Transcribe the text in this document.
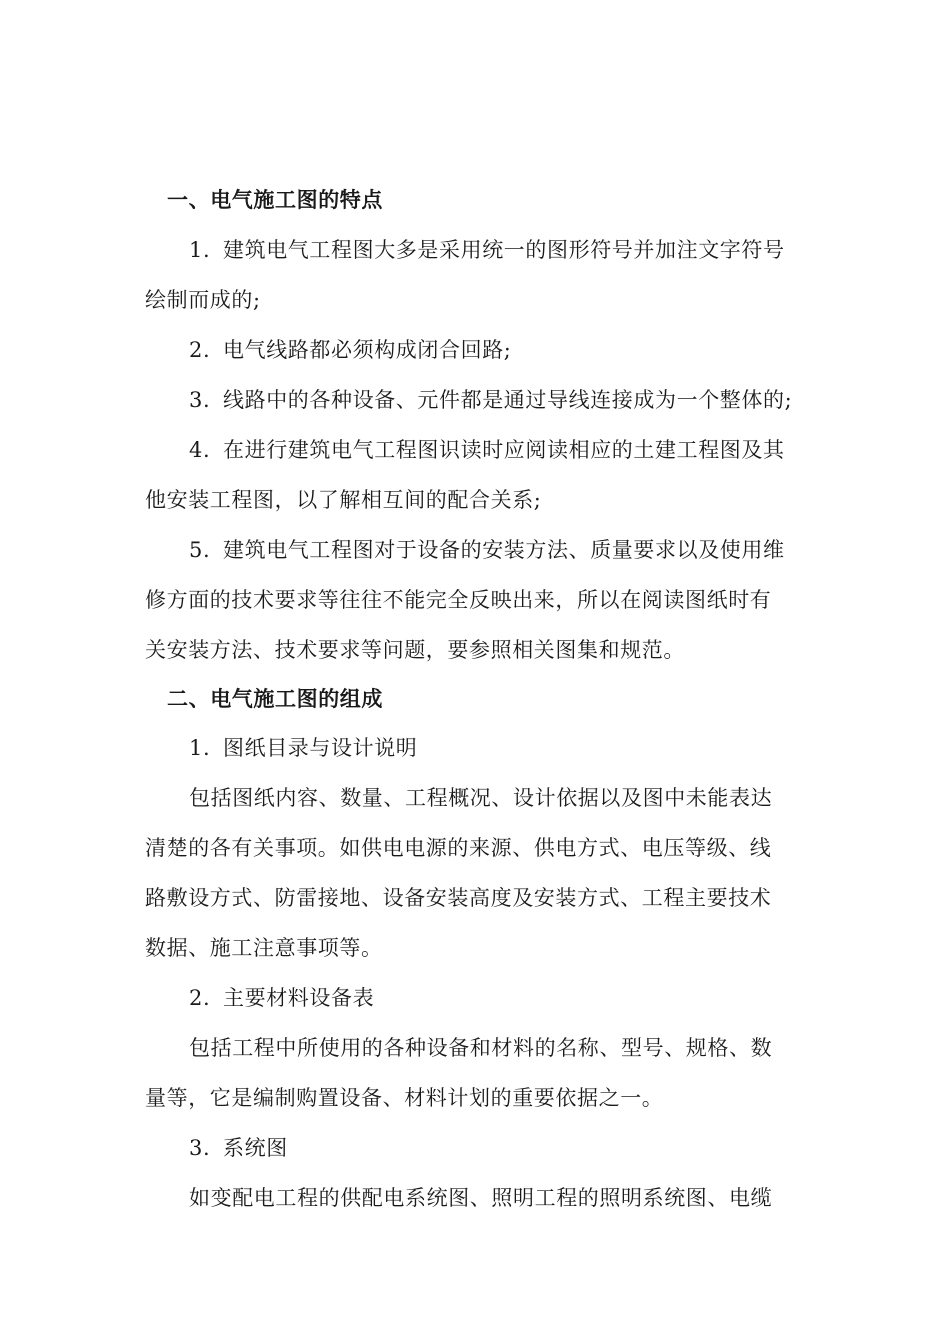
一、电气施工图的特点
1. 建筑电气工程图大多是采用统一的图形符号并加注文字符号
绘制而成的;
2. 电气线路都必须构成闭合回路;
3. 线路中的各种设备、元件都是通过导线连接成为一个整体的;
4. 在进行建筑电气工程图识读时应阅读相应的土建工程图及其
他安装工程图，以了解相互间的配合关系;
5. 建筑电气工程图对于设备的安装方法、质量要求以及使用维
修方面的技术要求等往往不能完全反映出来，所以在阅读图纸时有
关安装方法、技术要求等问题，要参照相关图集和规范。
二、电气施工图的组成
1. 图纸目录与设计说明
包括图纸内容、数量、工程概况、设计依据以及图中未能表达
清楚的各有关事项。如供电电源的来源、供电方式、电压等级、线
路敷设方式、防雷接地、设备安装高度及安装方式、工程主要技术
数据、施工注意事项等。
2. 主要材料设备表
包括工程中所使用的各种设备和材料的名称、型号、规格、数
量等，它是编制购置设备、材料计划的重要依据之一。
3. 系统图
如变配电工程的供配电系统图、照明工程的照明系统图、电缆
